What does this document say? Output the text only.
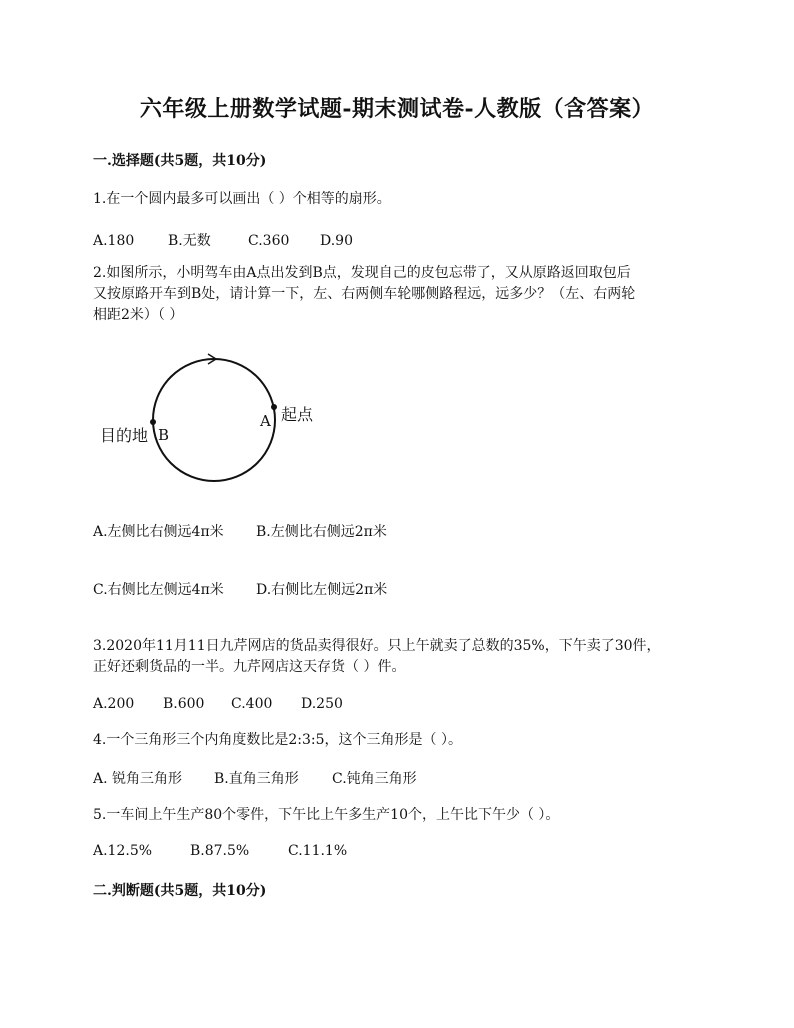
六年级上册数学试题-期末测试卷-人教版（含答案）
一.选择题(共5题，共10分)
1.在一个圆内最多可以画出（ ）个相等的扇形。
A.180 B.无数	C.360 D.90
2.如图所示，小明驾车由A点出发到B点，发现自己的皮包忘带了，又从原路返回取包后
又按原路开车到B处，请计算一下，左、右两侧车轮哪侧路程远，远多少？（左、右两轮
相距2米）（ ）
目的地 B
A 起点
A.左侧比右侧远4π米 B.左侧比右侧远2π米
C.右侧比左侧远4π米 D.右侧比左侧远2π米
3.2020年11月11日九芹网店的货品卖得很好。只上午就卖了总数的35%，下午卖了30件，
正好还剩货品的一半。九芹网店这天存货（ ）件。
A.200 B.600 C.400 D.250
4.一个三角形三个内角度数比是2:3:5，这个三角形是（ ）。
A. 锐角三角形 B.直角三角形 C.钝角三角形
5.一车间上午生产80个零件，下午比上午多生产10个，上午比下午少（ ）。
A.12.5%	B.87.5%	C.11.1%
二.判断题(共5题，共10分)
